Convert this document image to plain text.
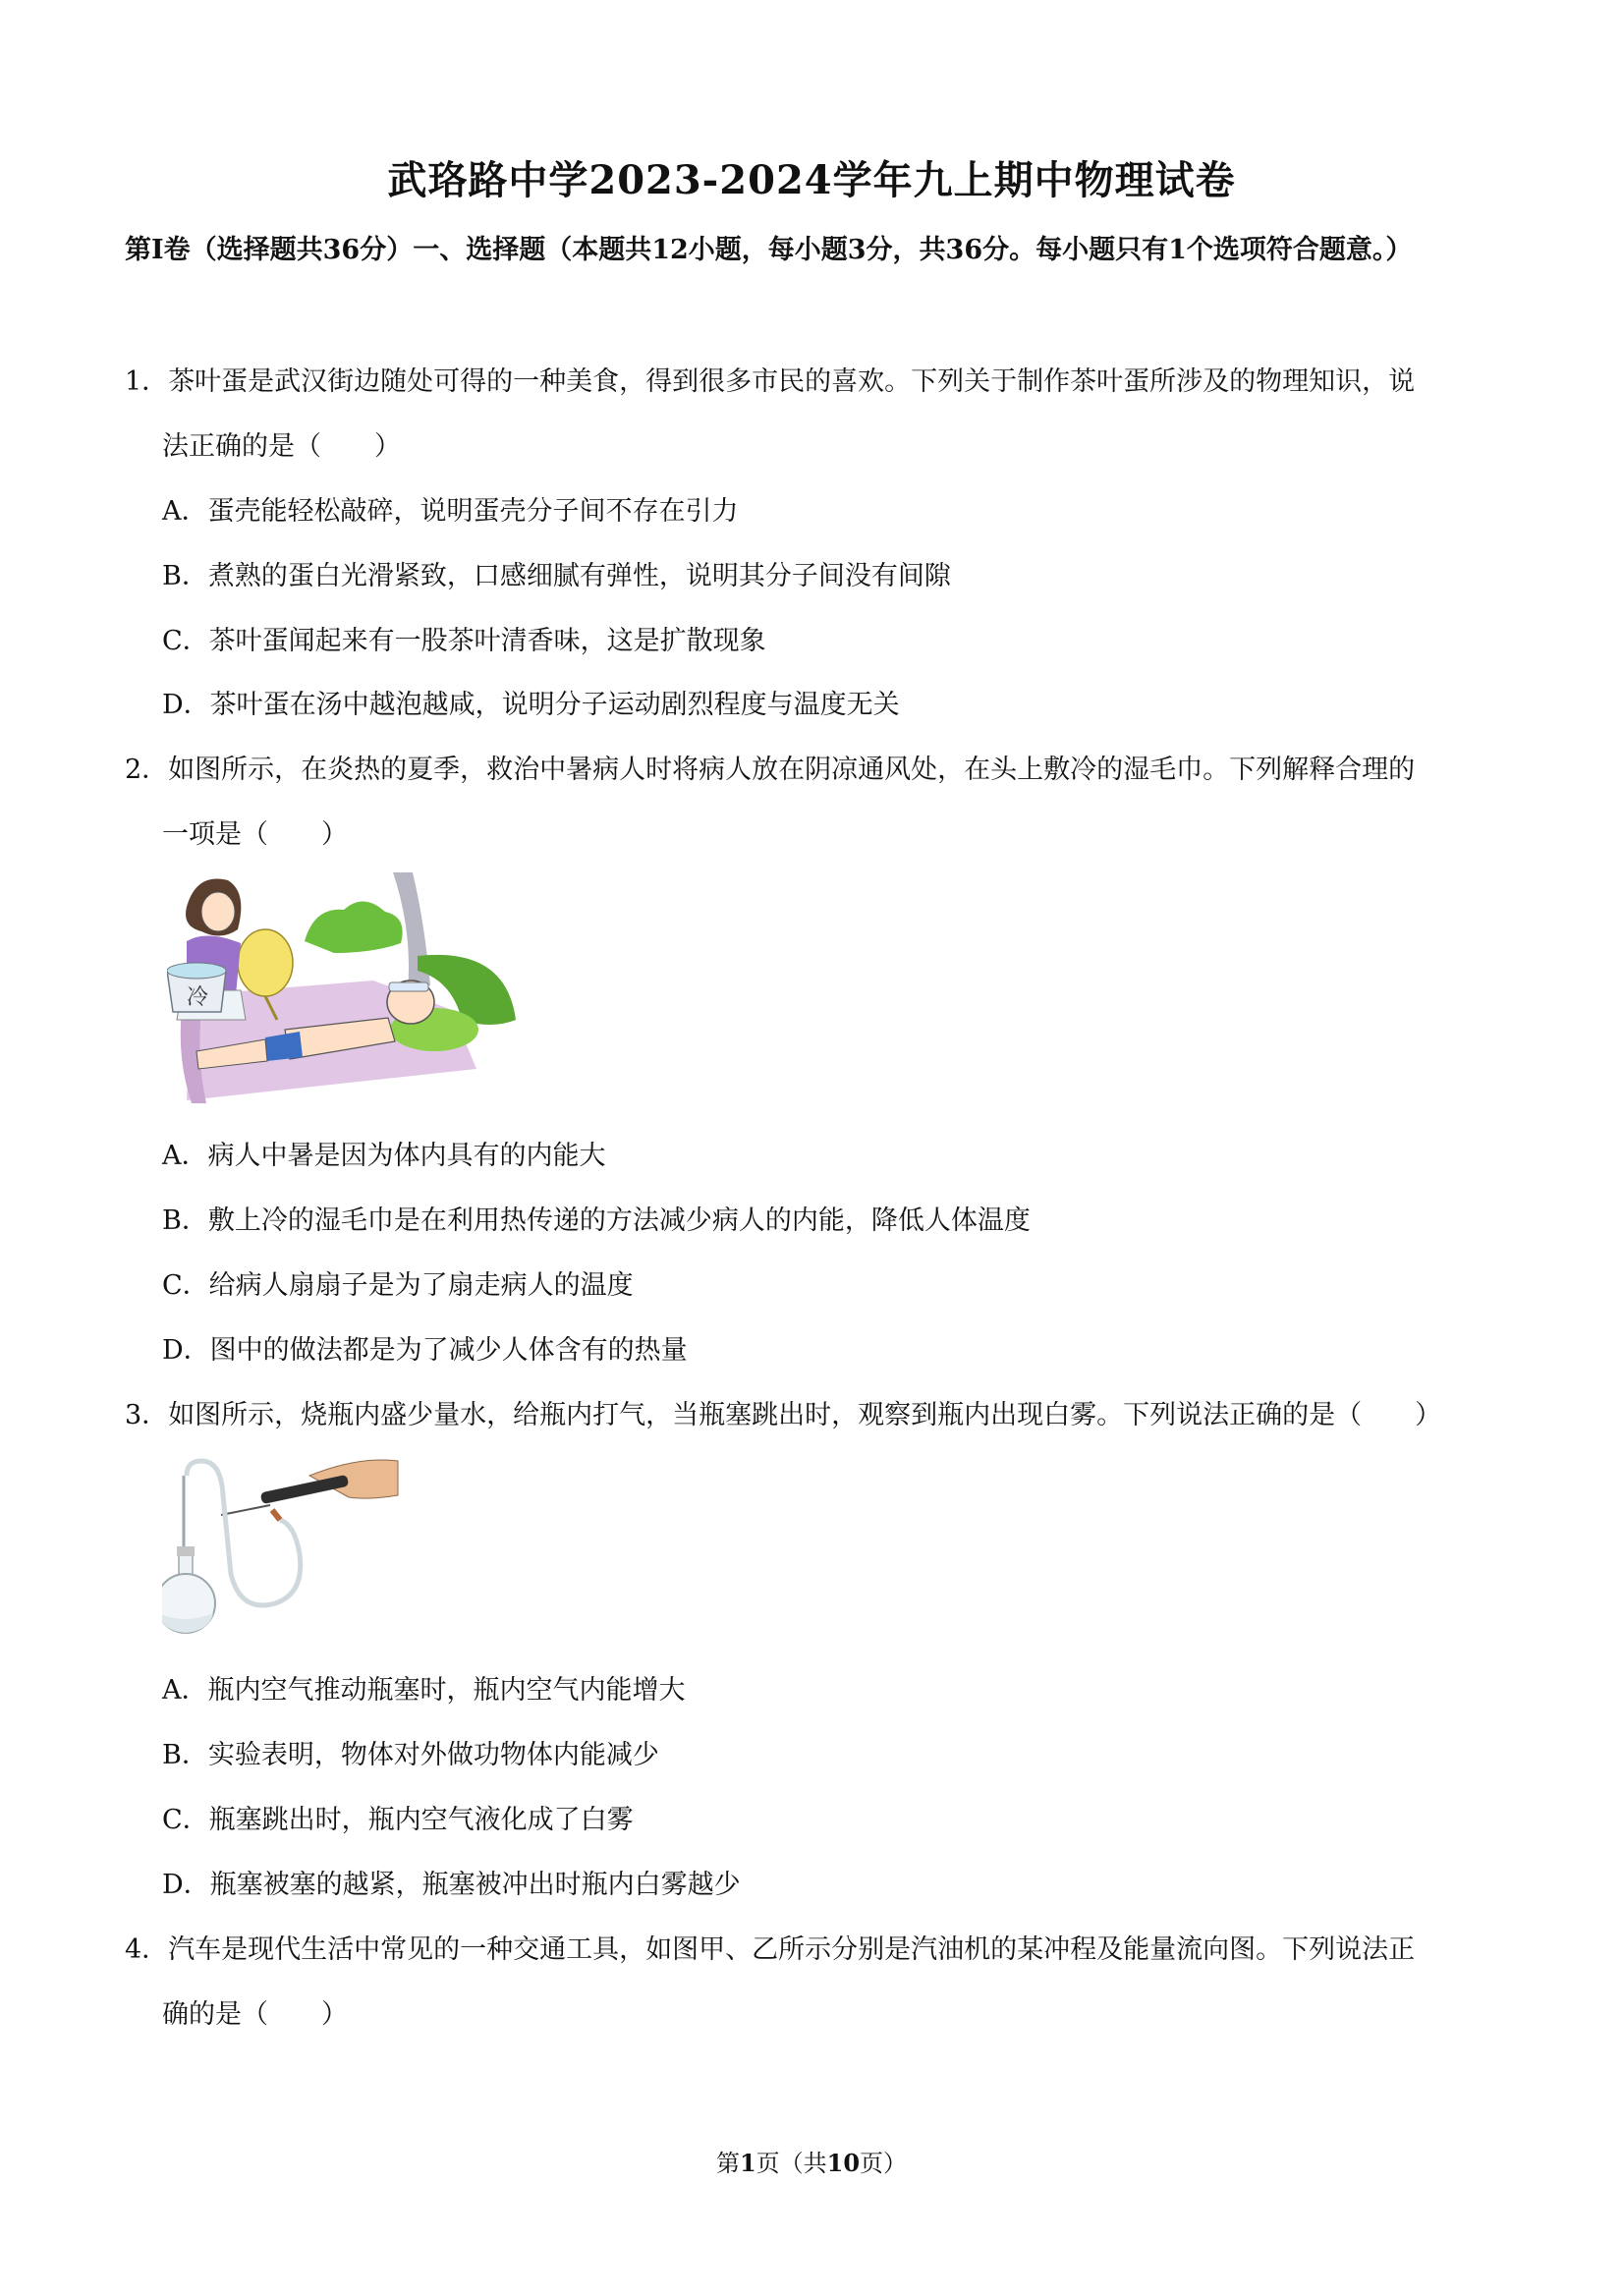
武珞路中学2023-2024学年九上期中物理试卷
第Ⅰ卷（选择题共36分）一、选择题（本题共12小题，每小题3分，共36分。每小题只有1个选项符合题意。）
1．茶叶蛋是武汉街边随处可得的一种美食，得到很多市民的喜欢。下列关于制作茶叶蛋所涉及的物理知识，说
法正确的是（　　）
A．蛋壳能轻松敲碎，说明蛋壳分子间不存在引力
B．煮熟的蛋白光滑紧致，口感细腻有弹性，说明其分子间没有间隙
C．茶叶蛋闻起来有一股茶叶清香味，这是扩散现象
D．茶叶蛋在汤中越泡越咸，说明分子运动剧烈程度与温度无关
2．如图所示，在炎热的夏季，救治中暑病人时将病人放在阴凉通风处，在头上敷冷的湿毛巾。下列解释合理的
一项是（　　）
冷
A．病人中暑是因为体内具有的内能大
B．敷上冷的湿毛巾是在利用热传递的方法减少病人的内能，降低人体温度
C．给病人扇扇子是为了扇走病人的温度
D．图中的做法都是为了减少人体含有的热量
3．如图所示，烧瓶内盛少量水，给瓶内打气，当瓶塞跳出时，观察到瓶内出现白雾。下列说法正确的是（　　）
A．瓶内空气推动瓶塞时，瓶内空气内能增大
B．实验表明，物体对外做功物体内能减少
C．瓶塞跳出时，瓶内空气液化成了白雾
D．瓶塞被塞的越紧，瓶塞被冲出时瓶内白雾越少
4．汽车是现代生活中常见的一种交通工具，如图甲、乙所示分别是汽油机的某冲程及能量流向图。下列说法正
确的是（　　）
第1页（共10页）
